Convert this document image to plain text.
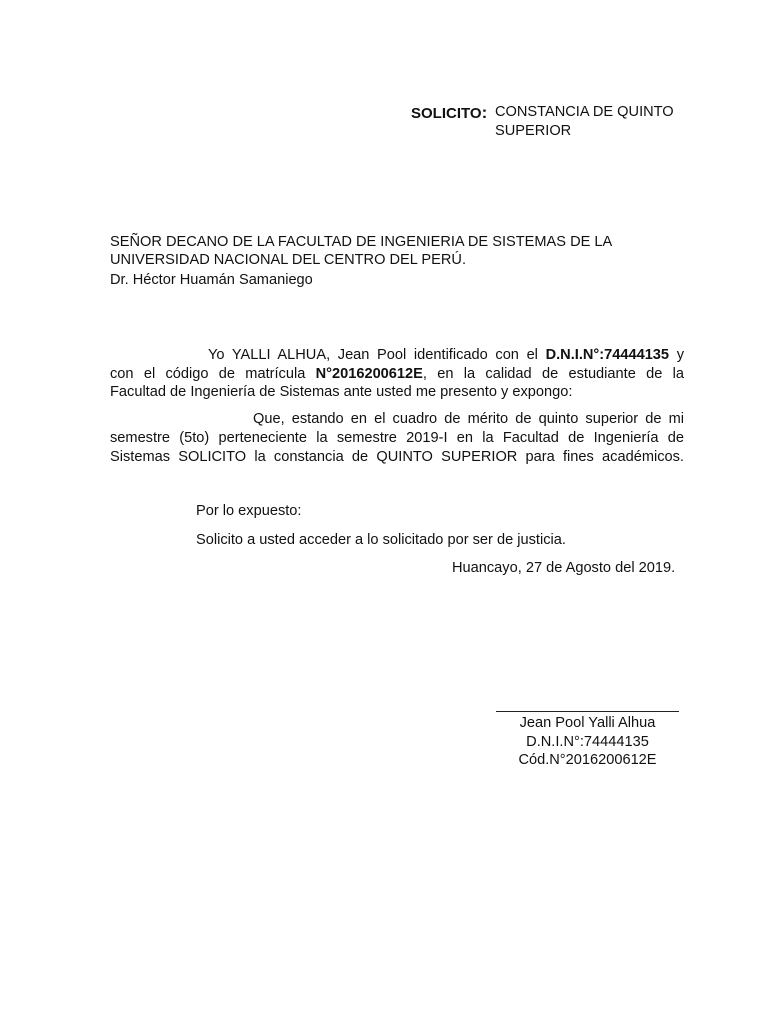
SOLICITO: CONSTANCIA DE QUINTO
SUPERIOR
SEÑOR DECANO DE LA FACULTAD DE INGENIERIA DE SISTEMAS DE LA
UNIVERSIDAD NACIONAL DEL CENTRO DEL PERÚ.
Dr. Héctor Huamán Samaniego
Yo YALLI ALHUA, Jean Pool identificado con el D.N.I.N°:74444135 y
con el código de matrícula N°2016200612E, en la calidad de estudiante de la
Facultad de Ingeniería de Sistemas ante usted me presento y expongo:
Que, estando en el cuadro de mérito de quinto superior de mi
semestre (5to) perteneciente la semestre 2019-I en la Facultad de Ingeniería de
Sistemas SOLICITO la constancia de QUINTO SUPERIOR para fines académicos.
Por lo expuesto:
Solicito a usted acceder a lo solicitado por ser de justicia.
Huancayo, 27 de Agosto del 2019.
Jean Pool Yalli Alhua
D.N.I.N°:74444135
Cód.N°2016200612E
